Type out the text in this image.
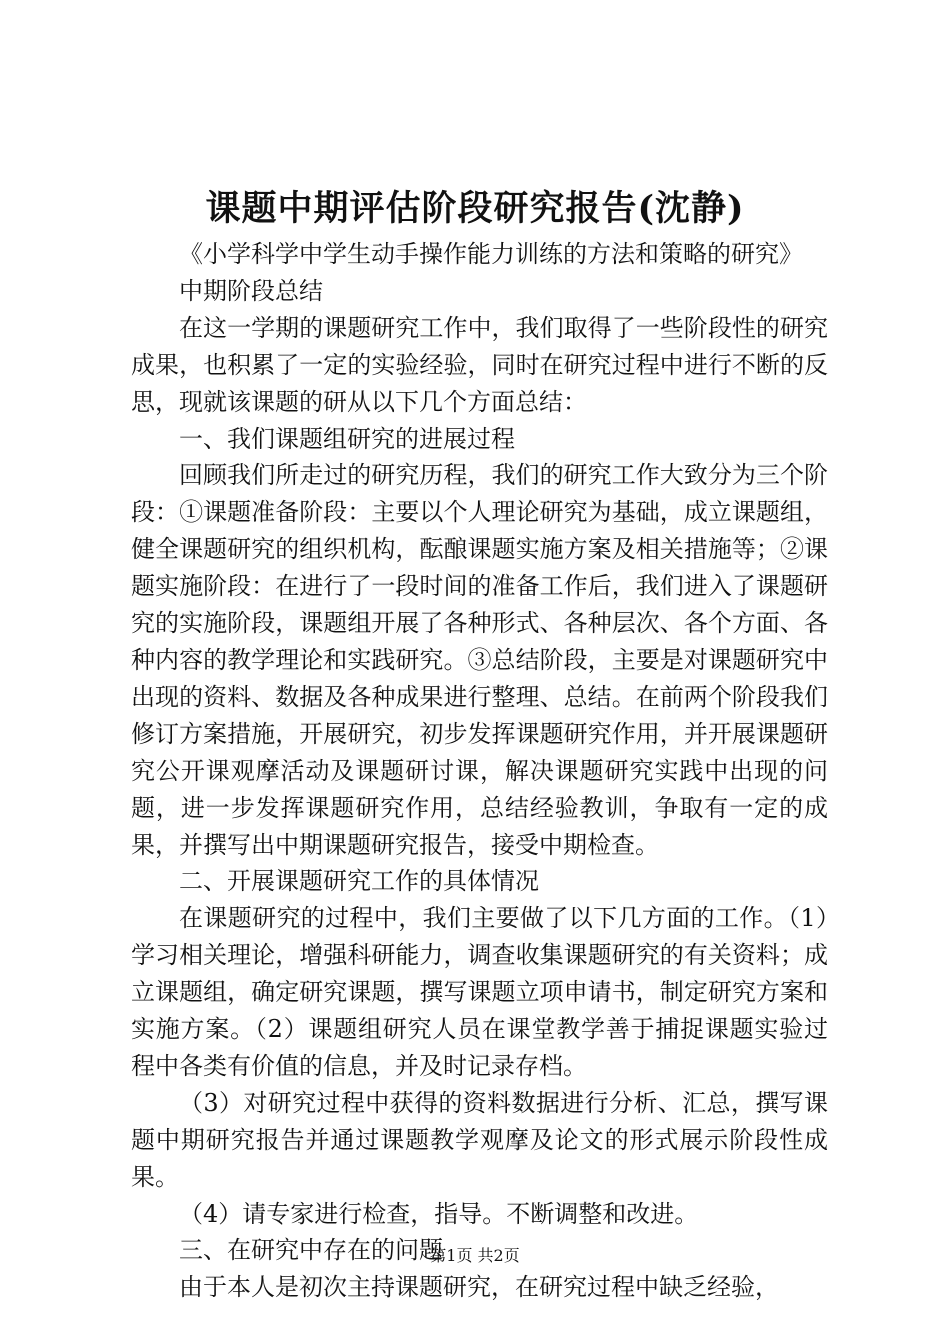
课题中期评估阶段研究报告(沈静)

《小学科学中学生动手操作能力训练的方法和策略的研究》

中期阶段总结

在这一学期的课题研究工作中，我们取得了一些阶段性的研究成果，也积累了一定的实验经验，同时在研究过程中进行不断的反思，现就该课题的研从以下几个方面总结：

一、我们课题组研究的进展过程

回顾我们所走过的研究历程，我们的研究工作大致分为三个阶段：①课题准备阶段：主要以个人理论研究为基础，成立课题组，健全课题研究的组织机构，酝酿课题实施方案及相关措施等；②课题实施阶段：在进行了一段时间的准备工作后，我们进入了课题研究的实施阶段，课题组开展了各种形式、各种层次、各个方面、各种内容的教学理论和实践研究。③总结阶段，主要是对课题研究中出现的资料、数据及各种成果进行整理、总结。在前两个阶段我们修订方案措施，开展研究，初步发挥课题研究作用，并开展课题研究公开课观摩活动及课题研讨课，解决课题研究实践中出现的问题，进一步发挥课题研究作用，总结经验教训，争取有一定的成果，并撰写出中期课题研究报告，接受中期检查。

二、开展课题研究工作的具体情况

在课题研究的过程中，我们主要做了以下几方面的工作。（1）学习相关理论，增强科研能力，调查收集课题研究的有关资料；成立课题组，确定研究课题，撰写课题立项申请书，制定研究方案和实施方案。（2）课题组研究人员在课堂教学善于捕捉课题实验过程中各类有价值的信息，并及时记录存档。

（3）对研究过程中获得的资料数据进行分析、汇总，撰写课题中期研究报告并通过课题教学观摩及论文的形式展示阶段性成果。

（4）请专家进行检查，指导。不断调整和改进。

三、在研究中存在的问题

由于本人是初次主持课题研究，在研究过程中缺乏经验，

第1页 共2页
